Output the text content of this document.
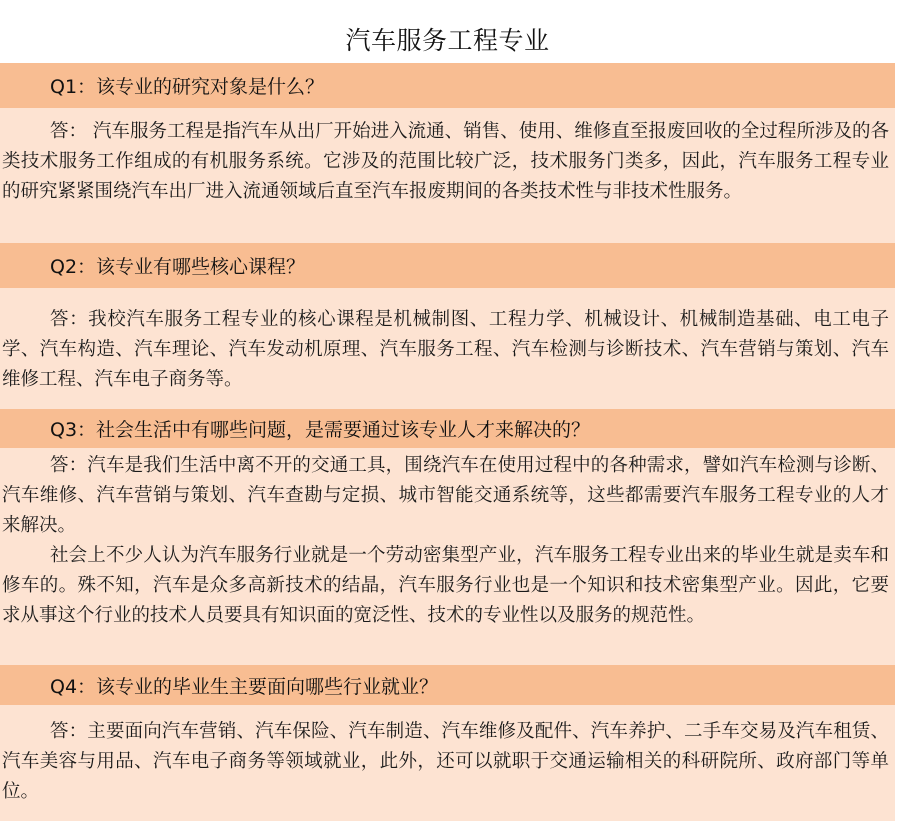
汽车服务工程专业
Q1：该专业的研究对象是什么？

答： 汽车服务工程是指汽车从出厂开始进入流通、销售、使用、维修直至报废回收的全过程所涉及的各类技术服务工作组成的有机服务系统。它涉及的范围比较广泛，技术服务门类多，因此，汽车服务工程专业的研究紧紧围绕汽车出厂进入流通领域后直至汽车报废期间的各类技术性与非技术性服务。

Q2：该专业有哪些核心课程？

答：我校汽车服务工程专业的核心课程是机械制图、工程力学、机械设计、机械制造基础、电工电子学、汽车构造、汽车理论、汽车发动机原理、汽车服务工程、汽车检测与诊断技术、汽车营销与策划、汽车维修工程、汽车电子商务等。

Q3：社会生活中有哪些问题，是需要通过该专业人才来解决的？

答：汽车是我们生活中离不开的交通工具，围绕汽车在使用过程中的各种需求，譬如汽车检测与诊断、汽车维修、汽车营销与策划、汽车查勘与定损、城市智能交通系统等，这些都需要汽车服务工程专业的人才来解决。

社会上不少人认为汽车服务行业就是一个劳动密集型产业，汽车服务工程专业出来的毕业生就是卖车和修车的。殊不知，汽车是众多高新技术的结晶，汽车服务行业也是一个知识和技术密集型产业。因此，它要求从事这个行业的技术人员要具有知识面的宽泛性、技术的专业性以及服务的规范性。

Q4：该专业的毕业生主要面向哪些行业就业？

答：主要面向汽车营销、汽车保险、汽车制造、汽车维修及配件、汽车养护、二手车交易及汽车租赁、汽车美容与用品、汽车电子商务等领域就业，此外，还可以就职于交通运输相关的科研院所、政府部门等单位。
